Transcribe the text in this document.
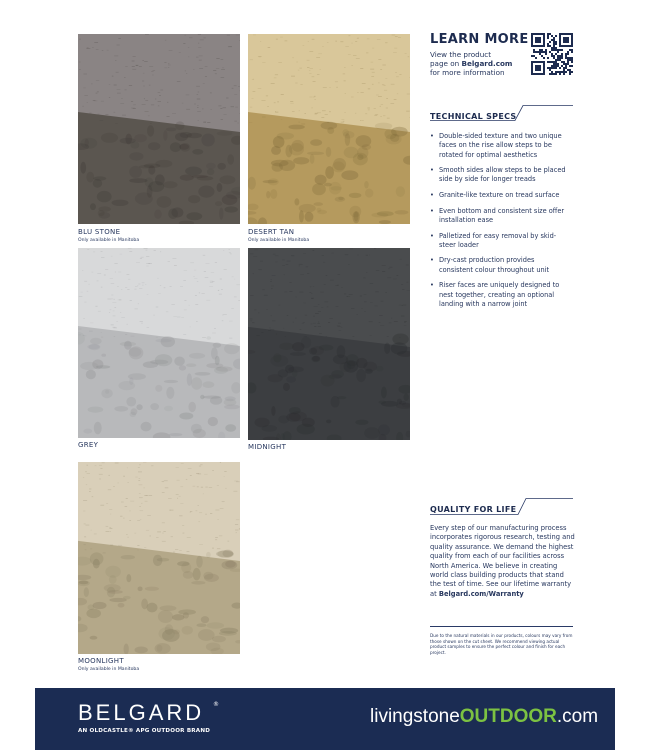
BLU STONE
Only available in Manitoba
DESERT TAN
Only available in Manitoba
GREY	MIDNIGHT
MOONLIGHT
Only available in Manitoba
LEARN MORE
View the product
page on Belgard.com
for more information
TECHNICAL SPECS
• Double-sided texture and two unique faces on the rise allow steps to be rotated for optimal aesthetics
• Smooth sides allow steps to be placed side by side for longer treads
• Granite-like texture on tread surface
• Even bottom and consistent size offer installation ease
• Palletized for easy removal by skid-steer loader
• Dry-cast production provides consistent colour throughout unit
• Riser faces are uniquely designed to nest together, creating an optional landing with a narrow joint
QUALITY FOR LIFE
Every step of our manufacturing process incorporates rigorous research, testing and quality assurance. We demand the highest quality from each of our facilities across North America. We believe in creating world class building products that stand the test of time. See our lifetime warranty at Belgard.com/Warranty
Due to the natural materials in our products, colours may vary from those shown on the cut sheet. We recommend viewing actual product samples to ensure the perfect colour and finish for each project.
BELGARD ®
AN OLDCASTLE® APG OUTDOOR BRAND
livingstoneOUTDOOR.com
